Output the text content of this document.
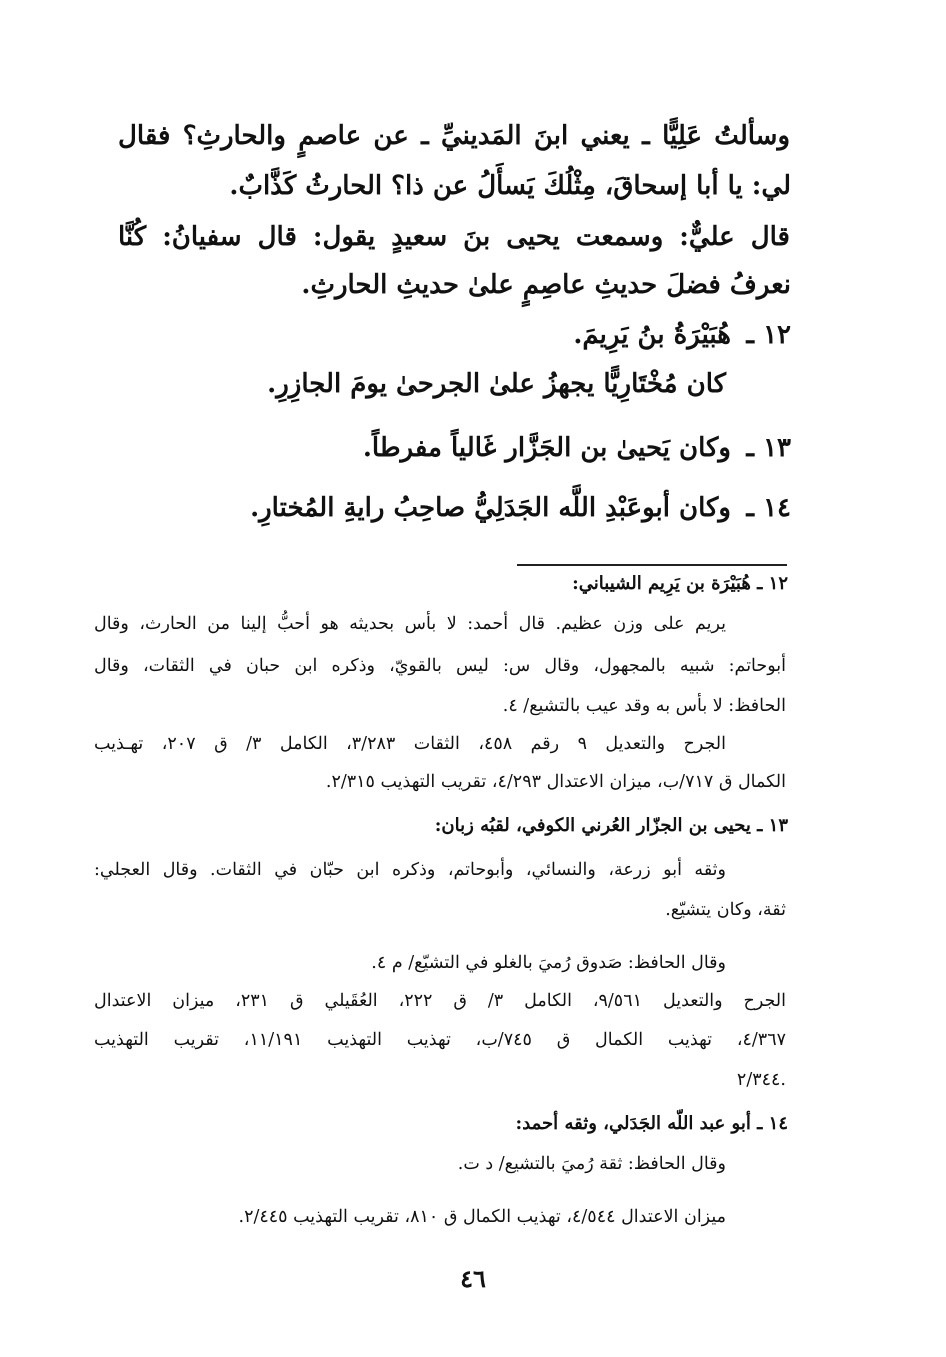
وسألتُ عَلِيًّا ـ يعني ابنَ المَدينيِّ ـ عن عاصمٍ والحارثِ؟ فقال
لي: يا أبا إسحاقَ، مِثْلُكَ يَسأَلُ عن ذا؟ الحارثُ كَذَّابٌ.
قال عليٌّ: وسمعت يحيى بنَ سعيدٍ يقول: قال سفيانُ: كُنَّا
نعرفُ فضلَ حديثِ عاصِمٍ علىٰ حديثِ الحارثِ.
١٢ ـ
هُبَيْرَةُ بنُ يَرِيمَ.
كان مُخْتَارِيًّا يجهزُ علىٰ الجرحىٰ يومَ الجازِرِ.
١٣ ـ
وكان يَحيىٰ بن الجَزَّار غَالياً مفرطاً.
١٤ ـ
وكان أبوعَبْدِ اللَّه الجَدَلِيُّ صاحِبُ رايةِ المُختارِ.
١٢ ـ هُبَيْرَة بن يَرِيم الشيباني:
يريم على وزن عظيم. قال أحمد: لا بأس بحديثه هو أحبُّ إلينا من الحارث، وقال
أبوحاتم: شبيه بالمجهول، وقال س: ليس بالقويّ، وذكره ابن حبان في الثقات، وقال
الحافظ: لا بأس به وقد عيب بالتشيع/ ٤.
الجرح والتعديل ٩ رقم ٤٥٨، الثقات ٣/٢٨٣، الكامل ٣/ ق ٢٠٧، تهـذيب
الكمال ق ٧١٧/ب، ميزان الاعتدال ٤/٢٩٣، تقريب التهذيب ٢/٣١٥.
١٣ ـ يحيى بن الجزّار العُرني الكوفي، لقبُه زبان:
وثقه أبو زرعة، والنسائي، وأبوحاتم، وذكره ابن حبّان في الثقات. وقال العجلي:
ثقة، وكان يتشيّع.
وقال الحافظ: صَدوق رُميَ بالغلو في التشيّع/ م ٤.
الجرح والتعديل ٩/٥٦١، الكامل ٣/ ق ٢٢٢، العُقَيلي ق ٢٣١، ميزان الاعتدال
٤/٣٦٧، تهذيب الكمال ق ٧٤٥/ب، تهذيب التهذيب ١١/١٩١، تقريب التهذيب
٢/٣٤٤.
١٤ ـ أبو عبد اللّه الجَدَلي، وثقه أحمد:
وقال الحافظ: ثقة رُميَ بالتشيع/ د ت.
ميزان الاعتدال ٤/٥٤٤، تهذيب الكمال ق ٨١٠، تقريب التهذيب ٢/٤٤٥.
٤٦
